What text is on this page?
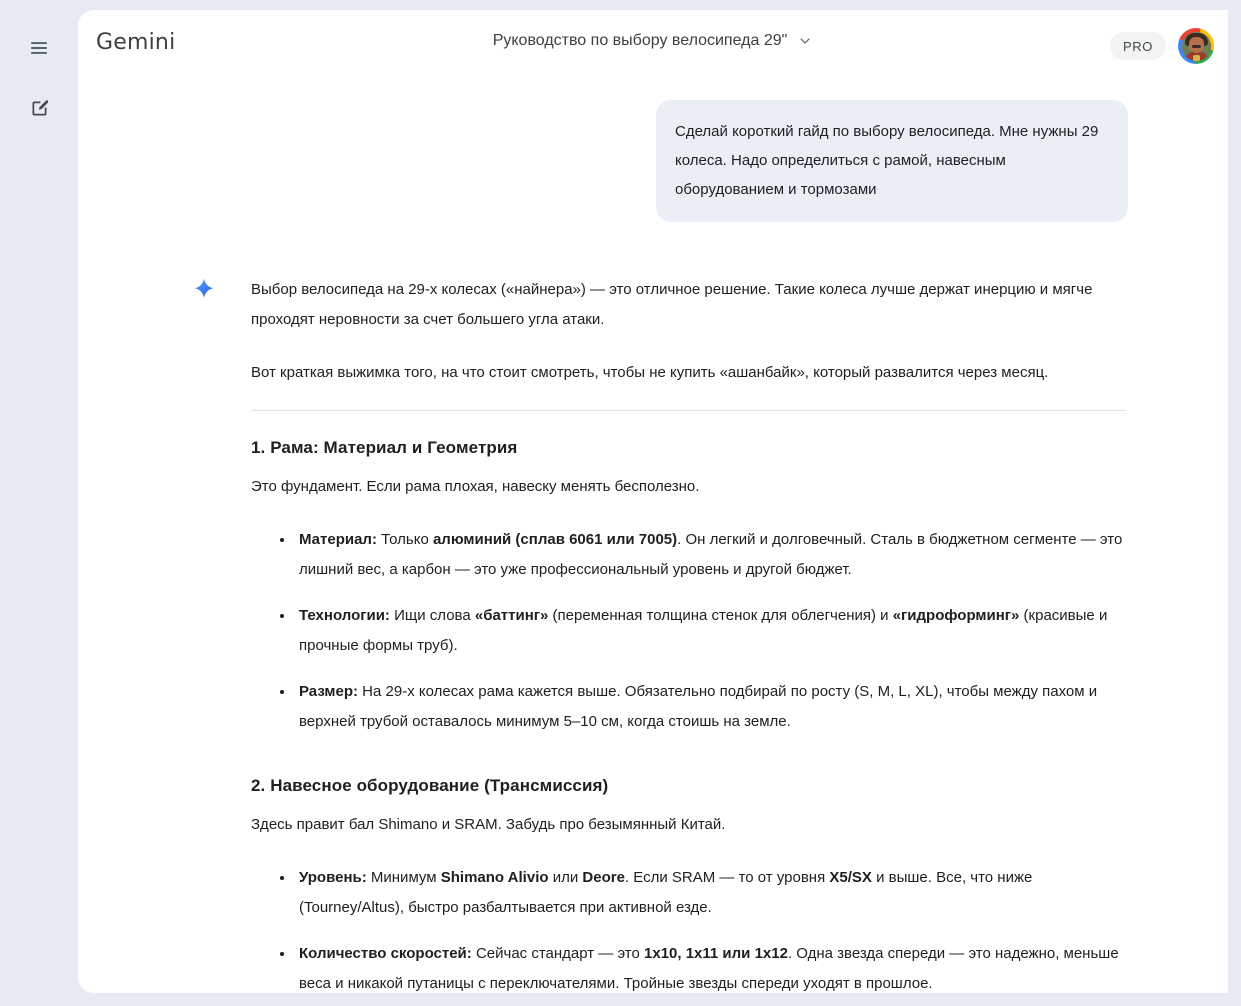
Gemini	Руководство по выбору велосипеда 29"	PRO
Сделай короткий гайд по выбору велосипеда. Мне нужны 29 колеса. Надо определиться с рамой, навесным оборудованием и тормозами

Выбор велосипеда на 29-х колесах («найнера») — это отличное решение. Такие колеса лучше держат инерцию и мягче проходят неровности за счет большего угла атаки.

Вот краткая выжимка того, на что стоит смотреть, чтобы не купить «ашанбайк», который развалится через месяц.

1. Рама: Материал и Геометрия

Это фундамент. Если рама плохая, навеску менять бесполезно.

Материал: Только алюминий (сплав 6061 или 7005). Он легкий и долговечный. Сталь в бюджетном сегменте — это лишний вес, а карбон — это уже профессиональный уровень и другой бюджет.
Технологии: Ищи слова «баттинг» (переменная толщина стенок для облегчения) и «гидроформинг» (красивые и прочные формы труб).
Размер: На 29-х колесах рама кажется выше. Обязательно подбирай по росту (S, M, L, XL), чтобы между пахом и верхней трубой оставалось минимум 5–10 см, когда стоишь на земле.
2. Навесное оборудование (Трансмиссия)

Здесь правит бал Shimano и SRAM. Забудь про безымянный Китай.

Уровень: Минимум Shimano Alivio или Deore. Если SRAM — то от уровня X5/SX и выше. Все, что ниже (Tourney/Altus), быстро разбалтывается при активной езде.
Количество скоростей: Сейчас стандарт — это 1x10, 1x11 или 1x12. Одна звезда спереди — это надежно, меньше веса и никакой путаницы с переключателями. Тройные звезды спереди уходят в прошлое.
